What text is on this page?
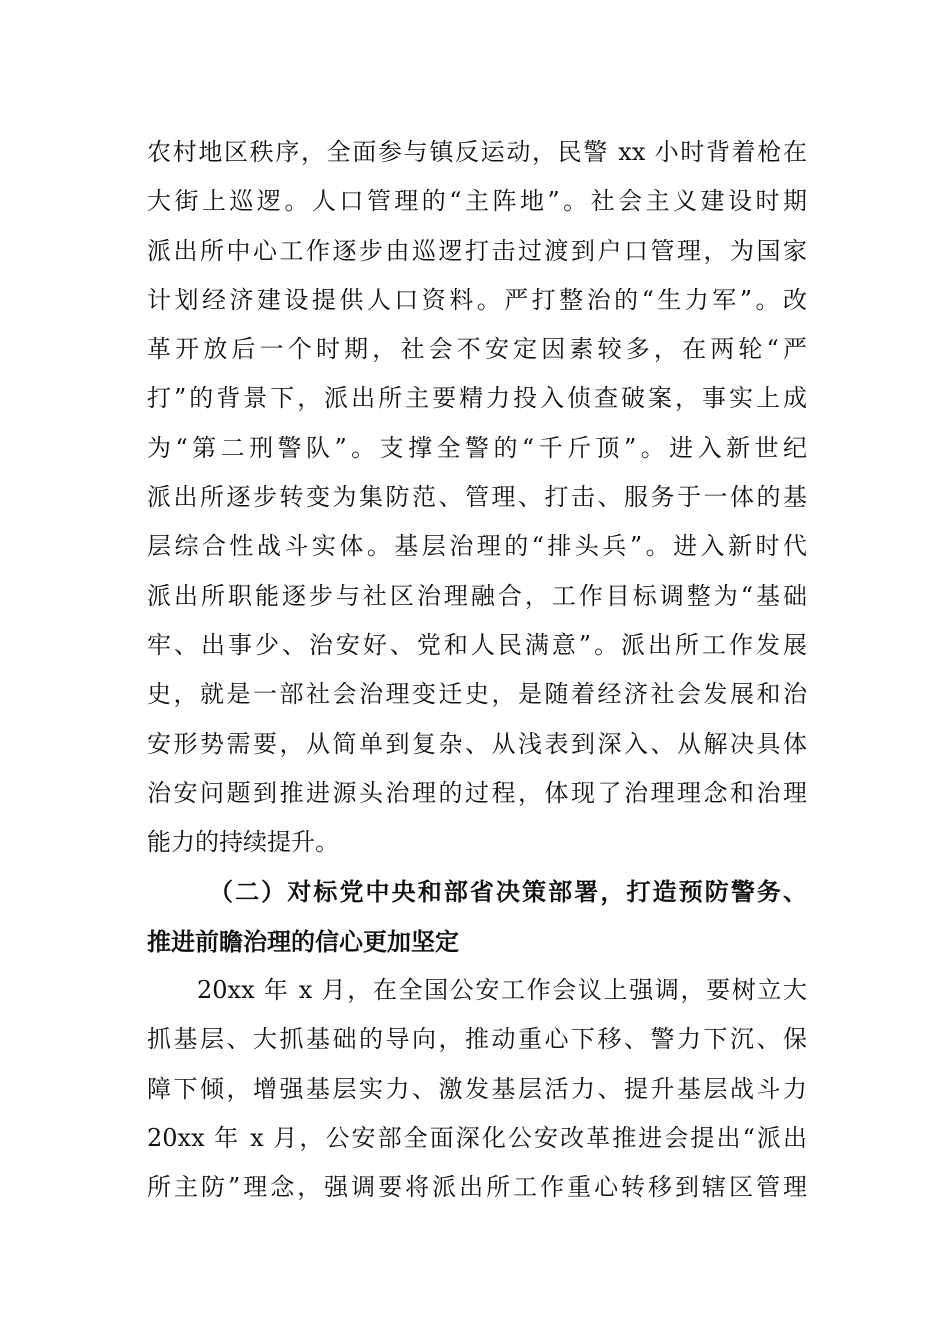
农村地区秩序，全面参与镇反运动，民警 xx 小时背着枪在
大街上巡逻。人口管理的“主阵地”。社会主义建设时期
派出所中心工作逐步由巡逻打击过渡到户口管理，为国家
计划经济建设提供人口资料。严打整治的“生力军”。改
革开放后一个时期，社会不安定因素较多，在两轮“严
打”的背景下，派出所主要精力投入侦查破案，事实上成
为“第二刑警队”。支撑全警的“千斤顶”。进入新世纪
派出所逐步转变为集防范、管理、打击、服务于一体的基
层综合性战斗实体。基层治理的“排头兵”。进入新时代
派出所职能逐步与社区治理融合，工作目标调整为“基础
牢、出事少、治安好、党和人民满意”。派出所工作发展
史，就是一部社会治理变迁史，是随着经济社会发展和治
安形势需要，从简单到复杂、从浅表到深入、从解决具体
治安问题到推进源头治理的过程，体现了治理理念和治理
能力的持续提升。
（二）对标党中央和部省决策部署，打造预防警务、
推进前瞻治理的信心更加坚定
20xx 年 x 月，在全国公安工作会议上强调，要树立大
抓基层、大抓基础的导向，推动重心下移、警力下沉、保
障下倾，增强基层实力、激发基层活力、提升基层战斗力
20xx 年 x 月，公安部全面深化公安改革推进会提出“派出
所主防”理念，强调要将派出所工作重心转移到辖区管理
